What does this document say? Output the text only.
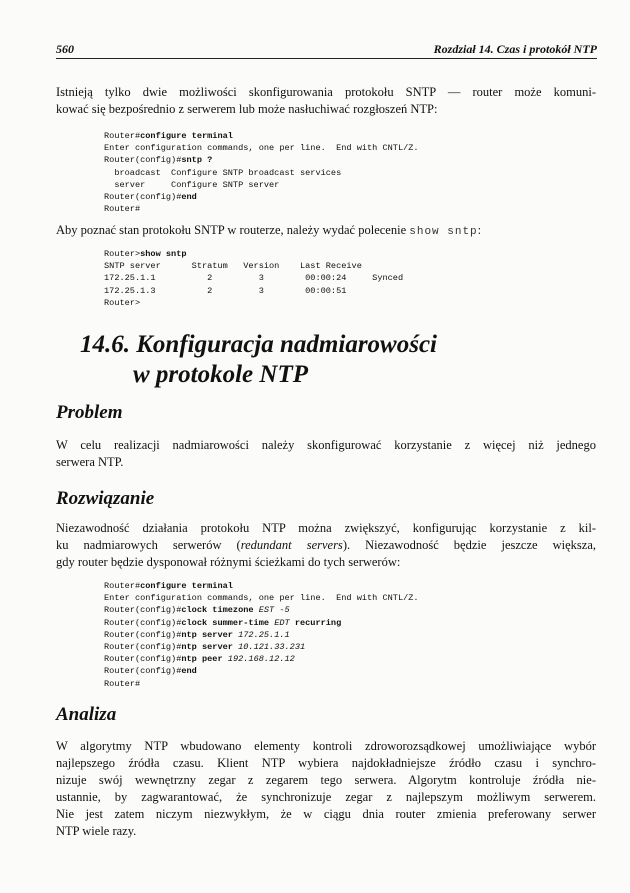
560	Rozdział 14. Czas i protokół NTP

Istnieją tylko dwie możliwości skonfigurowania protokołu SNTP — router może komuni-
kować się bezpośrednio z serwerem lub może nasłuchiwać rozgłoszeń NTP:

Router#configure terminal
Enter configuration commands, one per line.  End with CNTL/Z.
Router(config)#sntp ?
broadcast  Configure SNTP broadcast services
server     Configure SNTP server
Router(config)#end
Router#

Aby poznać stan protokołu SNTP w routerze, należy wydać polecenie show sntp:

Router>show sntp
SNTP server      Stratum   Version    Last Receive
172.25.1.1          2         3        00:00:24     Synced
172.25.1.3          2         3        00:00:51
Router>
14.6. Konfiguracja nadmiarowości
w protokole NTP
Problem

W celu realizacji nadmiarowości należy skonfigurować korzystanie z więcej niż jednego
serwera NTP.

Rozwiązanie

Niezawodność działania protokołu NTP można zwiększyć, konfigurując korzystanie z kil-
ku nadmiarowych serwerów (redundant servers). Niezawodność będzie jeszcze większa,
gdy router będzie dysponował różnymi ścieżkami do tych serwerów:

Router#configure terminal
Enter configuration commands, one per line.  End with CNTL/Z.
Router(config)#clock timezone EST -5
Router(config)#clock summer-time EDT recurring
Router(config)#ntp server 172.25.1.1
Router(config)#ntp server 10.121.33.231
Router(config)#ntp peer 192.168.12.12
Router(config)#end
Router#
Analiza

W algorytmy NTP wbudowano elementy kontroli zdroworozsądkowej umożliwiające wybór
najlepszego źródła czasu. Klient NTP wybiera najdokładniejsze źródło czasu i synchro-
nizuje swój wewnętrzny zegar z zegarem tego serwera. Algorytm kontroluje źródła nie-
ustannie, by zagwarantować, że synchronizuje zegar z najlepszym możliwym serwerem.
Nie jest zatem niczym niezwykłym, że w ciągu dnia router zmienia preferowany serwer
NTP wiele razy.
